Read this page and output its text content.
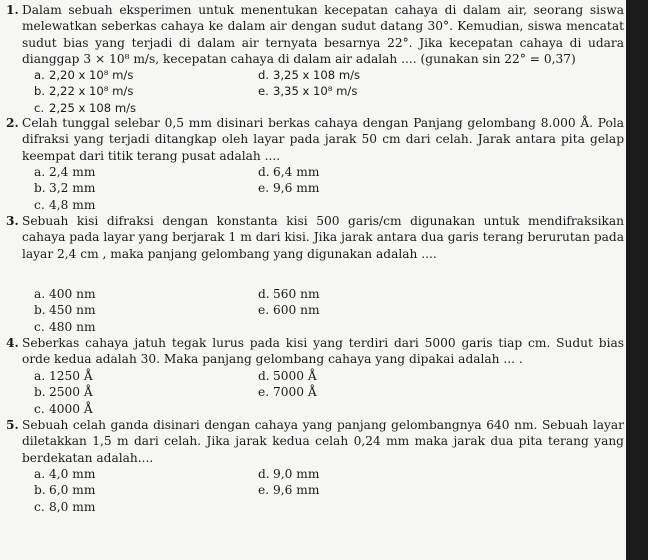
1. Dalam sebuah eksperimen untuk menentukan kecepatan cahaya di dalam air, seorang siswa melewatkan seberkas cahaya ke dalam air dengan sudut datang 30°. Kemudian, siswa mencatat sudut bias yang terjadi di dalam air ternyata besarnya 22°. Jika kecepatan cahaya di udara dianggap 3 × 10⁸ m/s, kecepatan cahaya di dalam air adalah .... (gunakan sin 22° = 0,37)
a. 2,20 x 10⁸ m/s	d. 3,25 x 108 m/s
b. 2,22 x 10⁸ m/s	e. 3,35 x 10⁸ m/s
c. 2,25 x 108 m/s
2. Celah tunggal selebar 0,5 mm disinari berkas cahaya dengan Panjang gelombang 8.000 Å. Pola difraksi yang terjadi ditangkap oleh layar pada jarak 50 cm dari celah. Jarak antara pita gelap keempat dari titik terang pusat adalah ....
a. 2,4 mm	d. 6,4 mm
b. 3,2 mm	e. 9,6 mm
c. 4,8 mm
3. Sebuah kisi difraksi dengan konstanta kisi 500 garis/cm digunakan untuk mendifraksikan cahaya pada layar yang berjarak 1 m dari kisi. Jika jarak antara dua garis terang berurutan pada layar 2,4 cm , maka panjang gelombang yang digunakan adalah ....
a. 400 nm	d. 560 nm
b. 450 nm	e. 600 nm
c. 480 nm
4. Seberkas cahaya jatuh tegak lurus pada kisi yang terdiri dari 5000 garis tiap cm. Sudut bias orde kedua adalah 30. Maka panjang gelombang cahaya yang dipakai adalah ... .
a. 1250 Å	d. 5000 Å
b. 2500 Å	e. 7000 Å
c. 4000 Å
5. Sebuah celah ganda disinari dengan cahaya yang panjang gelombangnya 640 nm. Sebuah layar diletakkan 1,5 m dari celah. Jika jarak kedua celah 0,24 mm maka jarak dua pita terang yang berdekatan adalah....
a. 4,0 mm	d. 9,0 mm
b. 6,0 mm	e. 9,6 mm
c. 8,0 mm
